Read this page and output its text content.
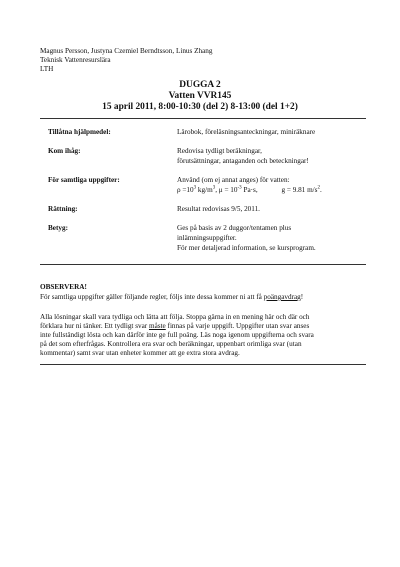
Magnus Persson, Justyna Czemiel Berndtsson, Linus Zhang
Teknisk Vattenresurslära
LTH
DUGGA 2
Vatten VVR145
15 april 2011, 8:00-10:30 (del 2) 8-13:00 (del 1+2)
Tillåtna hjälpmedel:	Lärobok, föreläsningsanteckningar, miniräknare
Kom ihåg:	Redovisa tydligt beräkningar,
förutsättningar, antaganden och beteckningar!
För samtliga uppgifter:	Använd (om ej annat anges) för vatten:
$\rho =10^3$ $kg/m^3$, $\mu = 10^{-3}$ Pa·s,	g = 9.81 $m/s^2$.
Rättning:	Resultat redovisas 9/5, 2011.
Betyg:	Ges på basis av 2 duggor/tentamen plus
inlämningsuppgifter.
För mer detaljerad information, se kursprogram.
OBSERVERA!
För samtliga uppgifter gäller följande regler, följs inte dessa kommer ni att få poängavdrag!
Alla lösningar skall vara tydliga och lätta att följa. Stoppa gärna in en mening här och där och
förklara hur ni tänker. Ett tydligt svar måste finnas på varje uppgift. Uppgifter utan svar anses
inte fullständigt lösta och kan därför inte ge full poäng. Läs noga igenom uppgifterna och svara
på det som efterfrågas. Kontrollera era svar och beräkningar, uppenbart orimliga svar (utan
kommentar) samt svar utan enheter kommer att ge extra stora avdrag.
